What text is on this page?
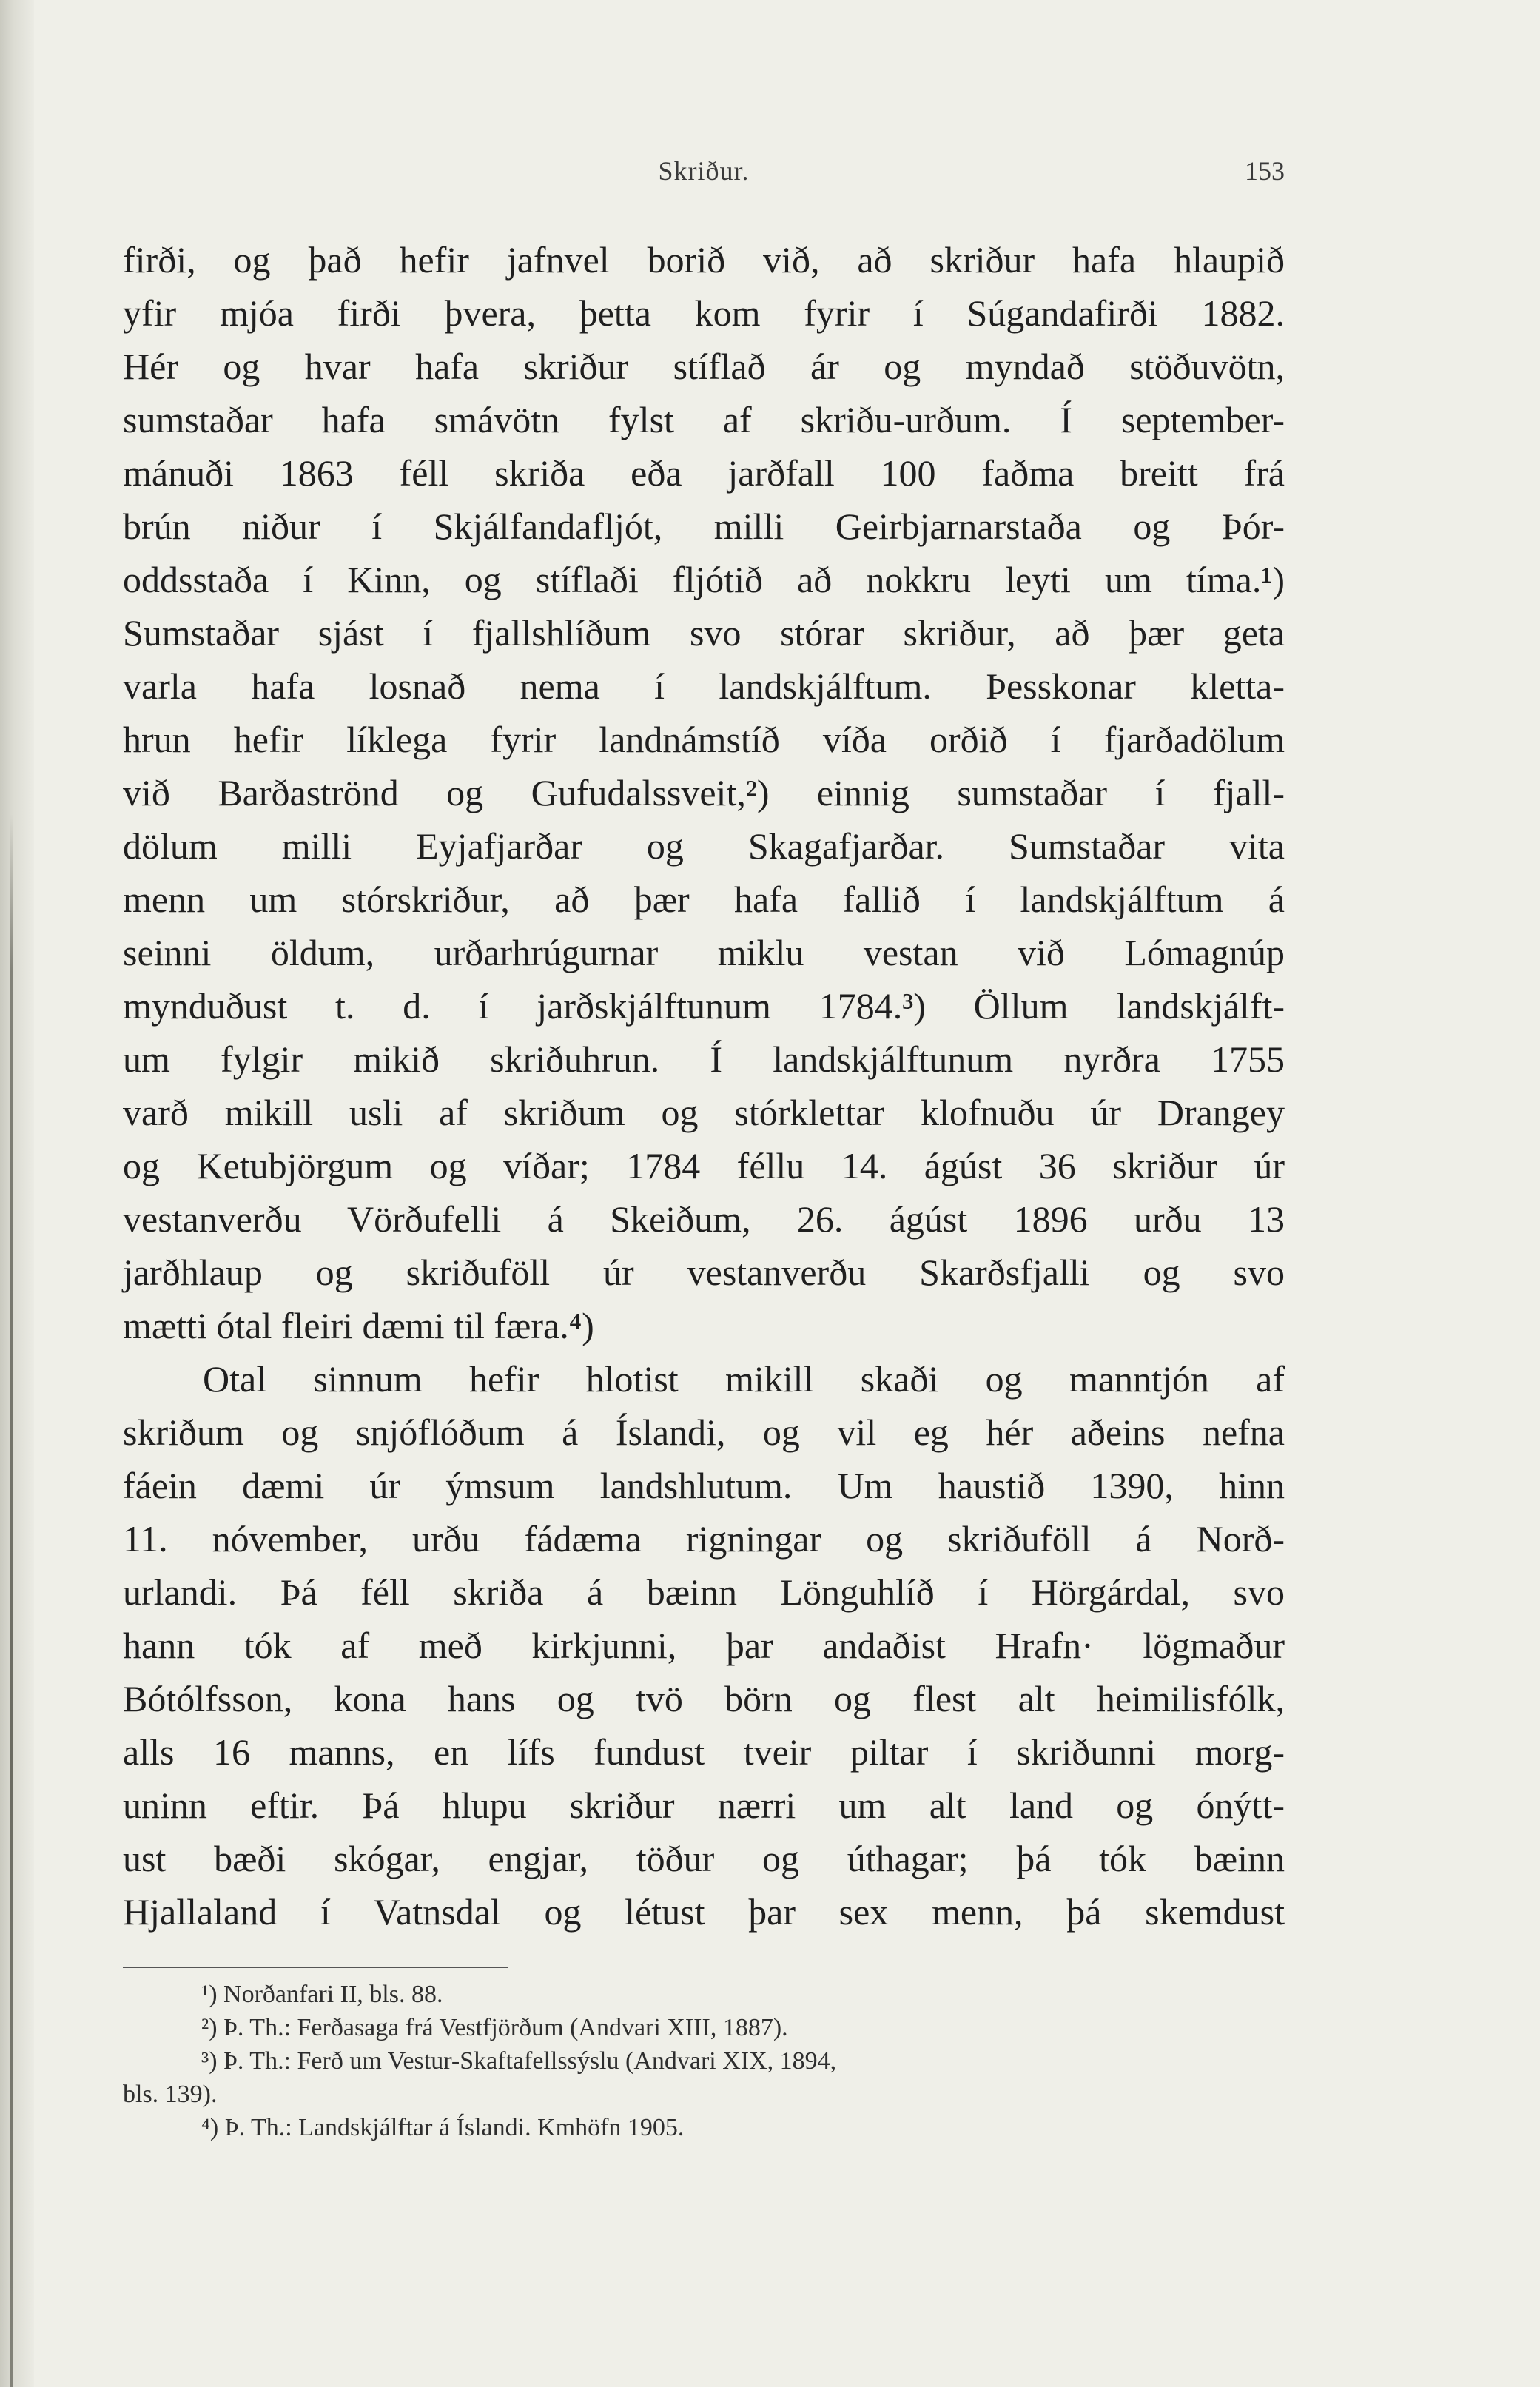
Skriður.	153
firði, og það hefir jafnvel borið við, að skriður hafa hlaupið
yfir mjóa firði þvera, þetta kom fyrir í Súgandafirði 1882.
Hér og hvar hafa skriður stíflað ár og myndað stöðuvötn,
sumstaðar hafa smávötn fylst af skriðu-urðum. Í september-
mánuði 1863 féll skriða eða jarðfall 100 faðma breitt frá
brún niður í Skjálfandafljót, milli Geirbjarnarstaða og Þór-
oddsstaða í Kinn, og stíflaði fljótið að nokkru leyti um tíma.¹)
Sumstaðar sjást í fjallshlíðum svo stórar skriður, að þær geta
varla hafa losnað nema í landskjálftum. Þesskonar kletta-
hrun hefir líklega fyrir landnámstíð víða orðið í fjarðadölum
við Barðaströnd og Gufudalssveit,²) einnig sumstaðar í fjall-
dölum milli Eyjafjarðar og Skagafjarðar. Sumstaðar vita
menn um stórskriður, að þær hafa fallið í landskjálftum á
seinni öldum, urðarhrúgurnar miklu vestan við Lómagnúp
mynduðust t. d. í jarðskjálftunum 1784.³) Öllum landskjálft-
um fylgir mikið skriðuhrun. Í landskjálftunum nyrðra 1755
varð mikill usli af skriðum og stórklettar klofnuðu úr Drangey
og Ketubjörgum og víðar; 1784 féllu 14. ágúst 36 skriður úr
vestanverðu Vörðufelli á Skeiðum, 26. ágúst 1896 urðu 13
jarðhlaup og skriðuföll úr vestanverðu Skarðsfjalli og svo
mætti ótal fleiri dæmi til færa.⁴)
Otal sinnum hefir hlotist mikill skaði og manntjón af
skriðum og snjóflóðum á Íslandi, og vil eg hér aðeins nefna
fáein dæmi úr ýmsum landshlutum. Um haustið 1390, hinn
11. nóvember, urðu fádæma rigningar og skriðuföll á Norð-
urlandi. Þá féll skriða á bæinn Lönguhlíð í Hörgárdal, svo
hann tók af með kirkjunni, þar andaðist Hrafn· lögmaður
Bótólfsson, kona hans og tvö börn og flest alt heimilisfólk,
alls 16 manns, en lífs fundust tveir piltar í skriðunni morg-
uninn eftir. Þá hlupu skriður nærri um alt land og ónýtt-
ust bæði skógar, engjar, töður og úthagar; þá tók bæinn
Hjallaland í Vatnsdal og létust þar sex menn, þá skemdust
¹) Norðanfari II, bls. 88.
²) Þ. Th.: Ferðasaga frá Vestfjörðum (Andvari XIII, 1887).
³) Þ. Th.: Ferð um Vestur-Skaftafellssýslu (Andvari XIX, 1894,
bls. 139).
⁴) Þ. Th.: Landskjálftar á Íslandi. Kmhöfn 1905.
